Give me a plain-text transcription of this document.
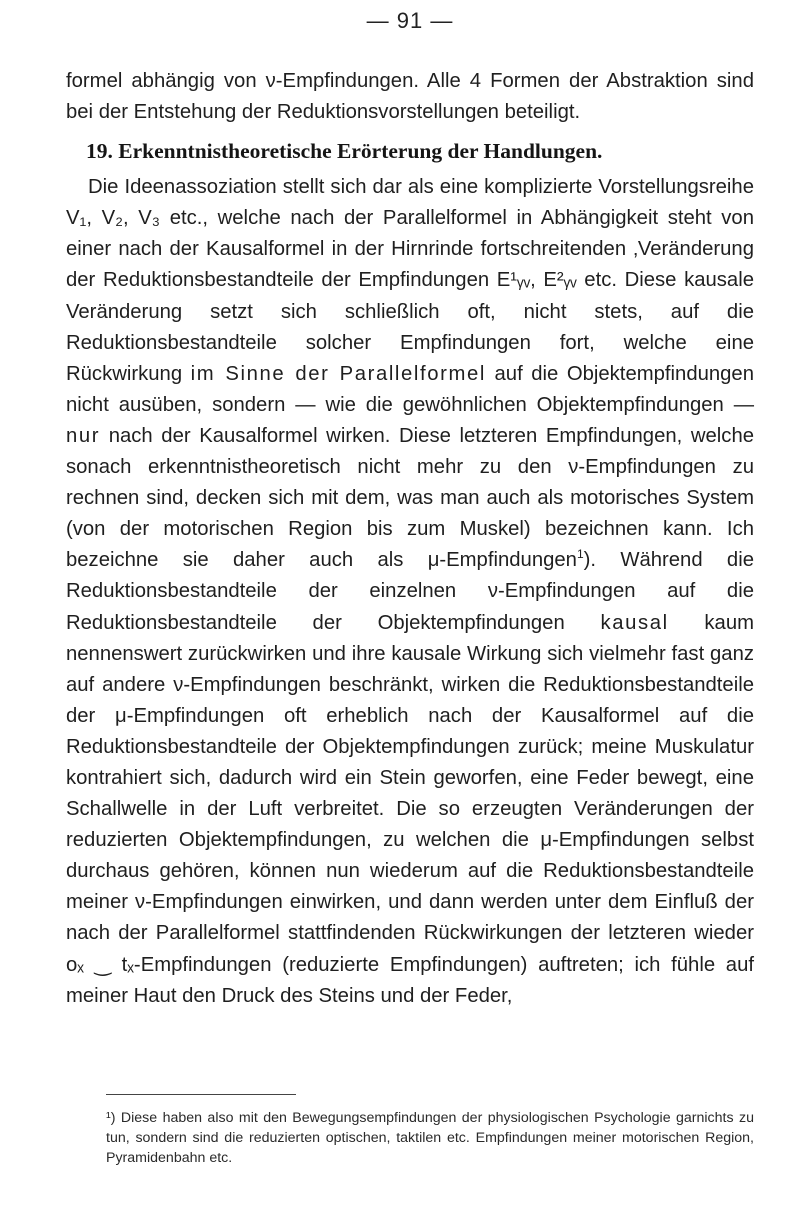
— 91 —

formel abhängig von ν-Empfindungen. Alle 4 Formen der Abstraktion sind bei der Entstehung der Reduktionsvorstellungen beteiligt.

19. Erkenntnistheoretische Erörterung der Handlungen.

Die Ideenassoziation stellt sich dar als eine komplizierte Vorstellungsreihe V₁, V₂, V₃ etc., welche nach der Parallelformel in Abhängigkeit steht von einer nach der Kausalformel in der Hirnrinde fortschreitenden ‚Veränderung der Reduktionsbestandteile der Empfindungen E¹ᵧᵥ, E²ᵧᵥ etc. Diese kausale Veränderung setzt sich schließlich oft, nicht stets, auf die Reduktionsbestandteile solcher Empfindungen fort, welche eine Rückwirkung im Sinne der Parallelformel auf die Objektempfindungen nicht ausüben, sondern — wie die gewöhnlichen Objektempfindungen — nur nach der Kausalformel wirken. Diese letzteren Empfindungen, welche sonach erkenntnistheoretisch nicht mehr zu den ν-Empfindungen zu rechnen sind, decken sich mit dem, was man auch als motorisches System (von der motorischen Region bis zum Muskel) bezeichnen kann. Ich bezeichne sie daher auch als μ-Empfindungen$^1$). Während die Reduktionsbestandteile der einzelnen ν-Empfindungen auf die Reduktionsbestandteile der Objektempfindungen kausal kaum nennenswert zurückwirken und ihre kausale Wirkung sich vielmehr fast ganz auf andere ν-Empfindungen beschränkt, wirken die Reduktionsbestandteile der μ-Empfindungen oft erheblich nach der Kausalformel auf die Reduktionsbestandteile der Objektempfindungen zurück; meine Muskulatur kontrahiert sich, dadurch wird ein Stein geworfen, eine Feder bewegt, eine Schallwelle in der Luft verbreitet. Die so erzeugten Veränderungen der reduzierten Objektempfindungen, zu welchen die μ-Empfindungen selbst durchaus gehören, können nun wiederum auf die Reduktionsbestandteile meiner ν-Empfindungen einwirken, und dann werden unter dem Einfluß der nach der Parallelformel stattfindenden Rückwirkungen der letzteren wieder oₓ ‿ tₓ-Empfindungen (reduzierte Empfindungen) auftreten; ich fühle auf meiner Haut den Druck des Steins und der Feder,

¹) Diese haben also mit den Bewegungsempfindungen der physiologischen Psychologie garnichts zu tun, sondern sind die reduzierten optischen, taktilen etc. Empfindungen meiner motorischen Region, Pyramidenbahn etc.
